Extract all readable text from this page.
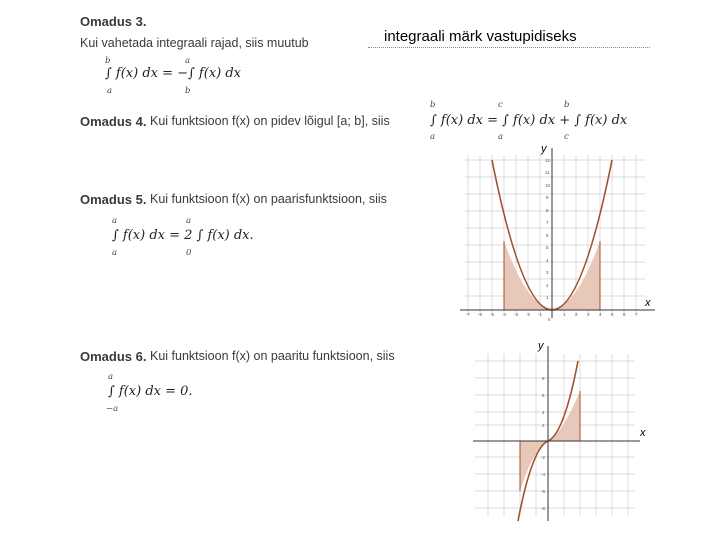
Omadus 3.
Kui vahetada integraali rajad, siis muutub	integraali märk vastupidiseks
b
a
a
b
∫ f(x) dx = −∫ f(x) dx
Omadus 4. Kui funktsioon f(x) on pidev lõigul [a; b], siis
b
a
c
a
b
c
∫ f(x) dx = ∫ f(x) dx + ∫ f(x) dx
Omadus 5. Kui funktsioon f(x) on paarisfunktsioon, siis
a
a
a
0
∫ f(x) dx = 2 ∫ f(x) dx.
Omadus 6. Kui funktsioon f(x) on paaritu funktsioon, siis
a
−a
∫ f(x) dx = 0.
x
y
-7 -6 -5 -4 -3 -2 -1
0
1 2 3 4 5 6 7
12
11
10
9
8
7
6
5
4
3
2
1
x
y
8
6
4
2
-2
-4
-6
-8
